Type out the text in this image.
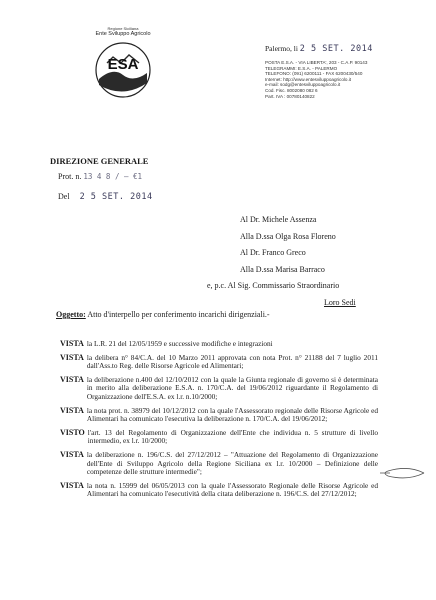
Regione Siciliana
Ente Sviluppo Agricolo
ESA
Palermo, li 2 5 SET. 2014
POSTA E.S.A. - VIA LIBERTA', 203 - C.A.P. 90143
TELEGRAMMI: E.S.A. - PALERMO
TELEFONO: (091) 6200111 - FAX 6200430/540
Internet: http://www.entesviluppoagricolo.it
e-mail: sodg@entesviluppoagricolo.it
Cod. Fisc. 8002080 082 6
Part. IVA : 00780140822
DIREZIONE GENERALE
Prot. n. 13 4 8 / — €1
Del 2 5 SET. 2014
Al Dr. Michele Assenza
Alla D.ssa Olga Rosa Floreno
Al Dr. Franco Greco
Alla D.ssa Marisa Barraco
e, p.c. Al Sig. Commissario Straordinario
Loro Sedi
Oggetto: Atto d'interpello per conferimento incarichi dirigenziali.-
VISTA la L.R. 21 del 12/05/1959 e successive modifiche e integrazioni
VISTA la delibera n° 84/C.A. del 10 Marzo 2011 approvata con nota Prot. n° 21188 del 7 luglio 2011 dall'Ass.to Reg. delle Risorse Agricole ed Alimentari;
VISTA la deliberazione n.400 del 12/10/2012 con la quale la Giunta regionale di governo si è determinata in merito alla deliberazione E.S.A. n. 170/C.A. del 19/06/2012 riguardante il Regolamento di Organizzazione dell'E.S.A. ex l.r. n.10/2000;
VISTA la nota prot. n. 38979 del 10/12/2012 con la quale l'Assessorato regionale delle Risorse Agricole ed Alimentari ha comunicato l'esecutiva la deliberazione n. 170/C.A. del 19/06/2012;
VISTO l'art. 13 del Regolamento di Organizzazione dell'Ente che individua n. 5 strutture di livello intermedio, ex l.r. 10/2000;
VISTA la deliberazione n. 196/C.S. del 27/12/2012 – "Attuazione del Regolamento di Organizzazione dell'Ente di Sviluppo Agricolo della Regione Siciliana ex l.r. 10/2000 – Definizione delle competenze delle strutture intermedie";
VISTA la nota n. 15999 del 06/05/2013 con la quale l'Assessorato Regionale delle Risorse Agricole ed Alimentari ha comunicato l'esecutività della citata deliberazione n. 196/C.S. del 27/12/2012;
